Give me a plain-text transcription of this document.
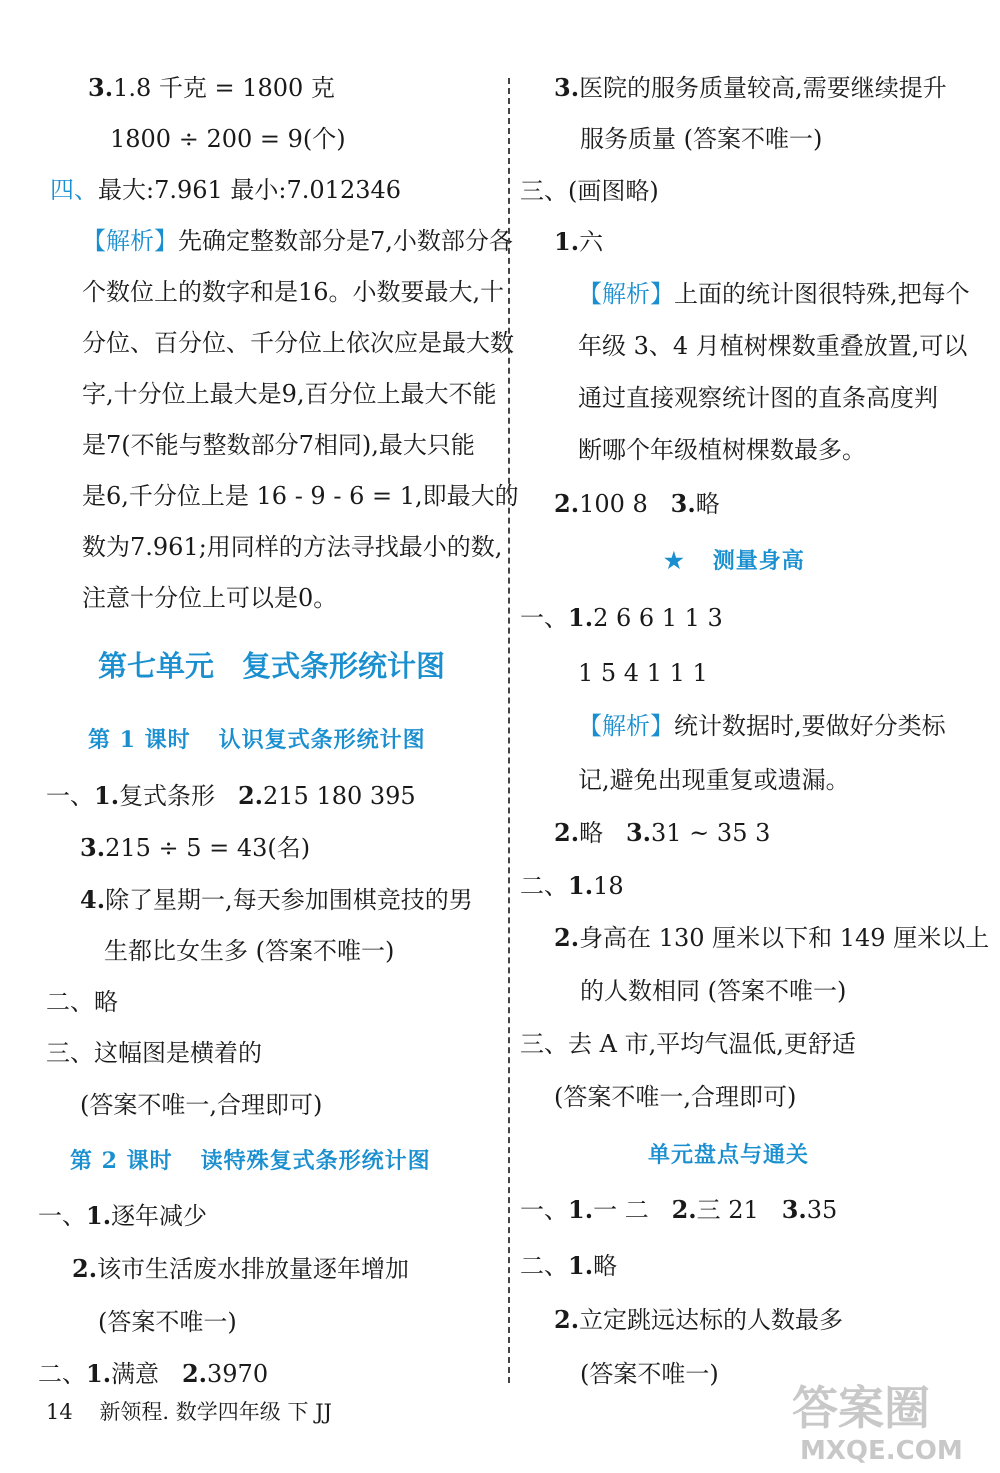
3.1.8 千克 = 1800 克
1800 ÷ 200 = 9(个)
四、最大:7.961 最小:7.012346
【解析】先确定整数部分是7,小数部分各
个数位上的数字和是16。小数要最大,十
分位、百分位、千分位上依次应是最大数
字,十分位上最大是9,百分位上最大不能
是7(不能与整数部分7相同),最大只能
是6,千分位上是 16 - 9 - 6 = 1,即最大的
数为7.961;用同样的方法寻找最小的数,
注意十分位上可以是0。
第七单元 复式条形统计图
第 1 课时 认识复式条形统计图
一、1.复式条形 2.215 180 395
3.215 ÷ 5 = 43(名)
4.除了星期一,每天参加围棋竞技的男
生都比女生多 (答案不唯一)
二、略
三、这幅图是横着的
(答案不唯一,合理即可)
第 2 课时 读特殊复式条形统计图
一、1.逐年减少
2.该市生活废水排放量逐年增加
(答案不唯一)
二、1.满意 2.3970
3.医院的服务质量较高,需要继续提升
服务质量 (答案不唯一)
三、(画图略)
1.六
【解析】上面的统计图很特殊,把每个
年级 3、4 月植树棵数重叠放置,可以
通过直接观察统计图的直条高度判
断哪个年级植树棵数最多。
2.100 8 3.略
★ 测量身高
一、1.2 6 6 1 1 3
1 5 4 1 1 1
【解析】统计数据时,要做好分类标
记,避免出现重复或遗漏。
2.略 3.31 ~ 35 3
二、1.18
2.身高在 130 厘米以下和 149 厘米以上
的人数相同 (答案不唯一)
三、去 A 市,平均气温低,更舒适
(答案不唯一,合理即可)
单元盘点与通关
一、1.一 二 2.三 21 3.35
二、1.略
2.立定跳远达标的人数最多
(答案不唯一)
14 新领程. 数学四年级 下 JJ	答案圈
MXQE.COM
